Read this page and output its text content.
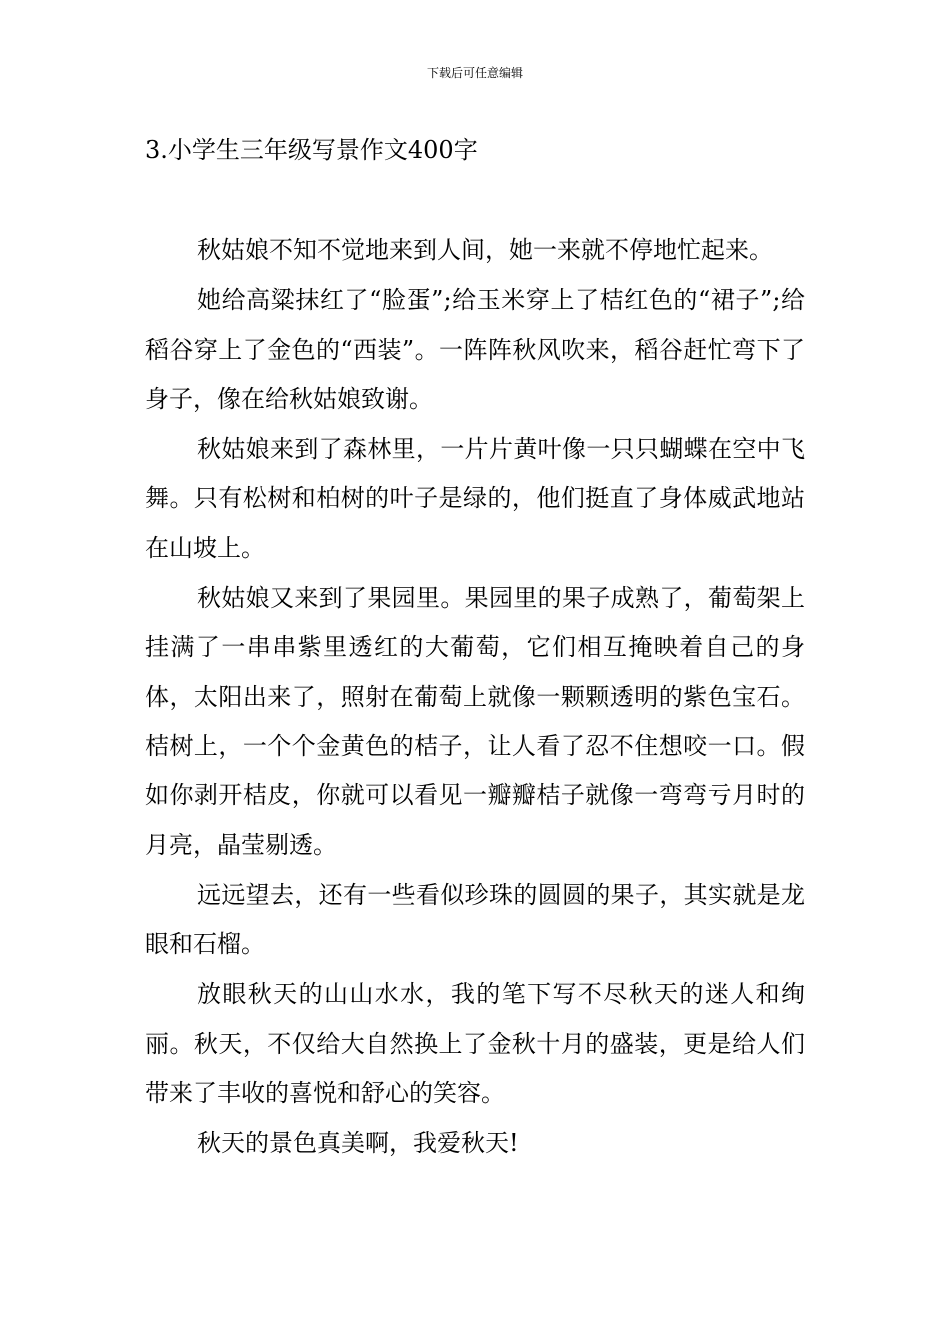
下载后可任意编辑
3.小学生三年级写景作文400字

秋姑娘不知不觉地来到人间，她一来就不停地忙起来。

她给高粱抹红了“脸蛋”;给玉米穿上了桔红色的“裙子”;给稻谷穿上了金色的“西装”。一阵阵秋风吹来，稻谷赶忙弯下了身子，像在给秋姑娘致谢。

秋姑娘来到了森林里，一片片黄叶像一只只蝴蝶在空中飞舞。只有松树和柏树的叶子是绿的，他们挺直了身体威武地站在山坡上。

秋姑娘又来到了果园里。果园里的果子成熟了，葡萄架上挂满了一串串紫里透红的大葡萄，它们相互掩映着自己的身体，太阳出来了，照射在葡萄上就像一颗颗透明的紫色宝石。桔树上，一个个金黄色的桔子，让人看了忍不住想咬一口。假如你剥开桔皮，你就可以看见一瓣瓣桔子就像一弯弯亏月时的月亮，晶莹剔透。

远远望去，还有一些看似珍珠的圆圆的果子，其实就是龙眼和石榴。

放眼秋天的山山水水，我的笔下写不尽秋天的迷人和绚丽。秋天，不仅给大自然换上了金秋十月的盛装，更是给人们带来了丰收的喜悦和舒心的笑容。

秋天的景色真美啊，我爱秋天!
